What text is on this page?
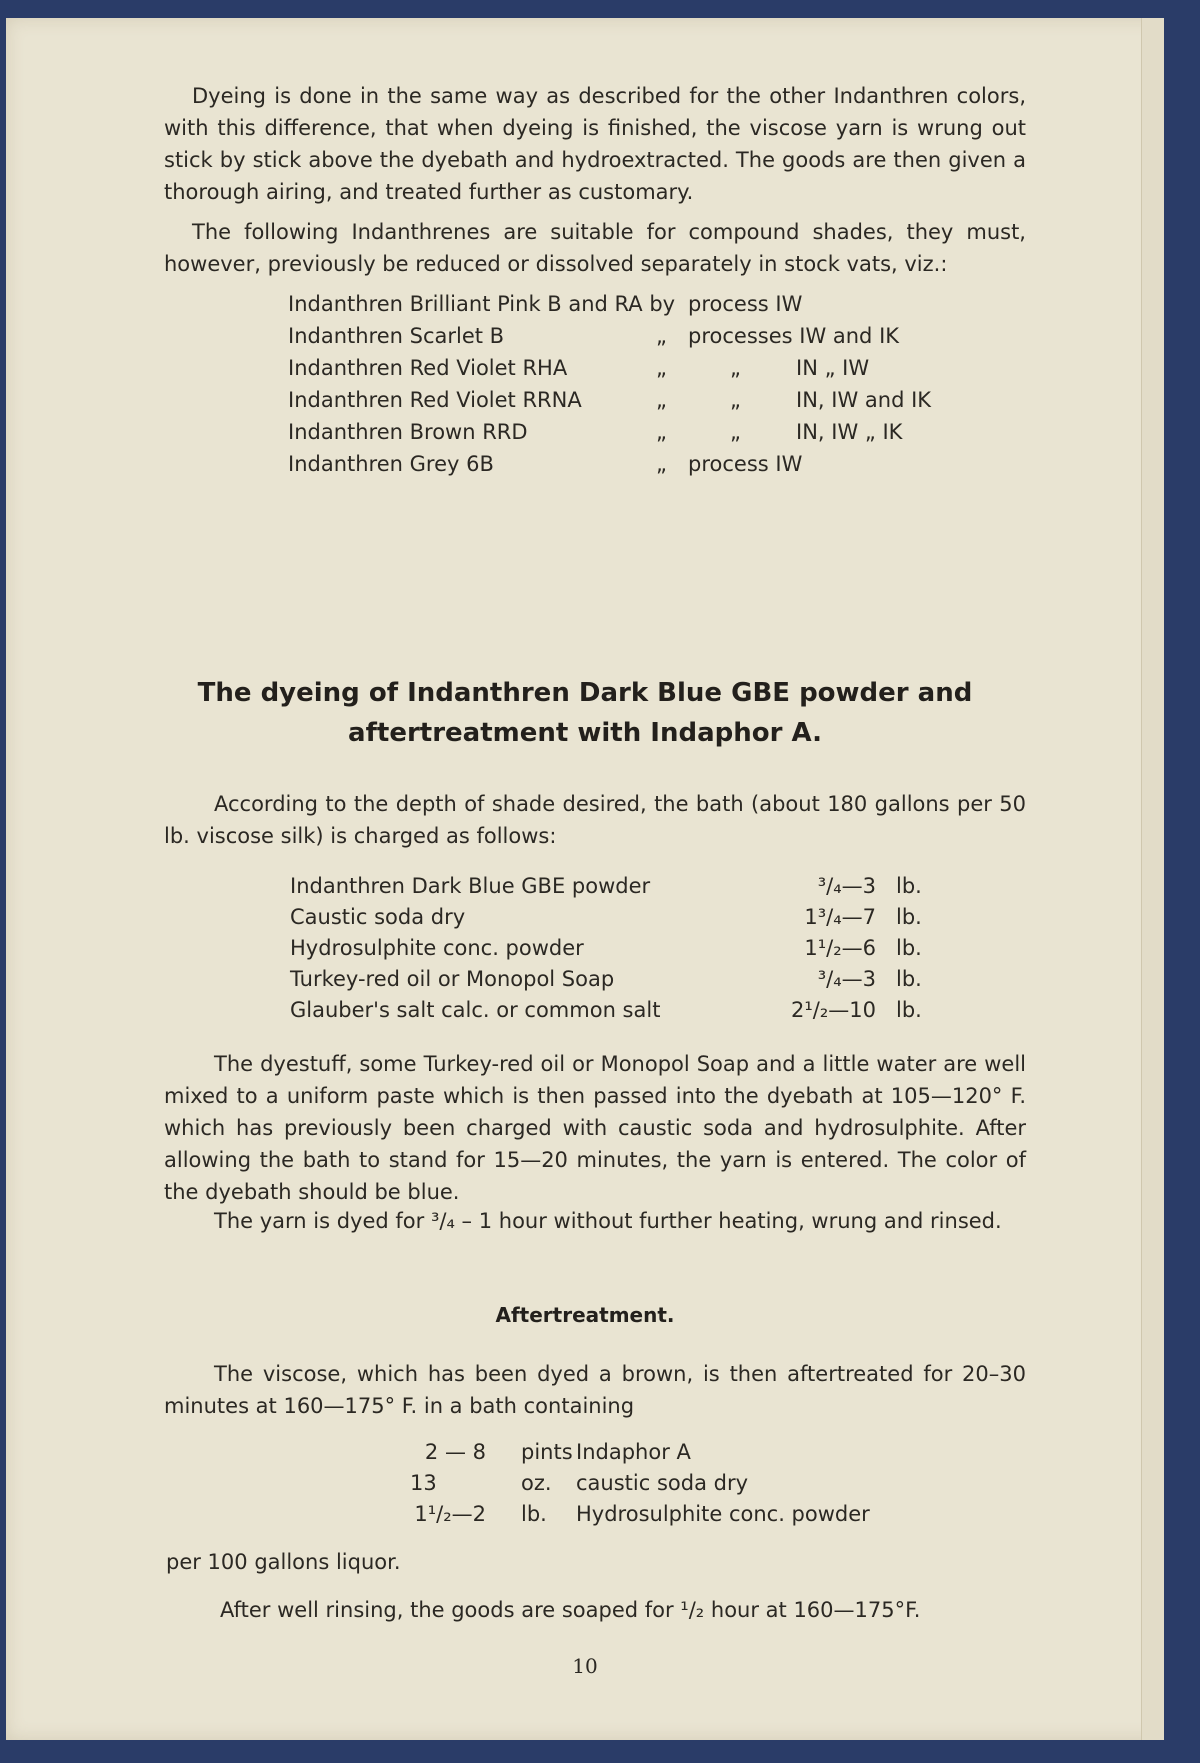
Dyeing is done in the same way as described for the other Indanthren colors, with this difference, that when dyeing is finished, the viscose yarn is wrung out stick by stick above the dyebath and hydroextracted. The goods are then given a thorough airing, and treated further as customary.

The following Indanthrenes are suitable for compound shades, they must, however, previously be reduced or dissolved separately in stock vats, viz.:

Indanthren Brilliant Pink B and RA by process IW
Indanthren Scarlet B	„ processes IW and IK
Indanthren Red Violet RHA	„	„	IN „ IW
Indanthren Red Violet RRNA	„	„	IN, IW and IK
Indanthren Brown RRD	„	„	IN, IW „ IK
Indanthren Grey 6B	„ process IW
The dyeing of Indanthren Dark Blue GBE powder and
aftertreatment with Indaphor A.

According to the depth of shade desired, the bath (about 180 gallons per 50 lb. viscose silk) is charged as follows:

Indanthren Dark Blue GBE powder	³/₄—3 lb.
Caustic soda dry	1³/₄—7 lb.
Hydrosulphite conc. powder	1¹/₂—6 lb.
Turkey-red oil or Monopol Soap	³/₄—3 lb.
Glauber's salt calc. or common salt	2¹/₂—10 lb.

The dyestuff, some Turkey-red oil or Monopol Soap and a little water are well mixed to a uniform paste which is then passed into the dyebath at 105—120° F. which has previously been charged with caustic soda and hydrosulphite. After allowing the bath to stand for 15—20 minutes, the yarn is entered. The color of the dyebath should be blue.

The yarn is dyed for ³/₄ – 1 hour without further heating, wrung and rinsed.

Aftertreatment.

The viscose, which has been dyed a brown, is then aftertreated for 20–30 minutes at 160—175° F. in a bath containing

2 — 8 pints Indaphor A
13	oz. caustic soda dry
1¹/₂—2 lb. Hydrosulphite conc. powder
per 100 gallons liquor.
After well rinsing, the goods are soaped for ¹/₂ hour at 160—175°F.
10
